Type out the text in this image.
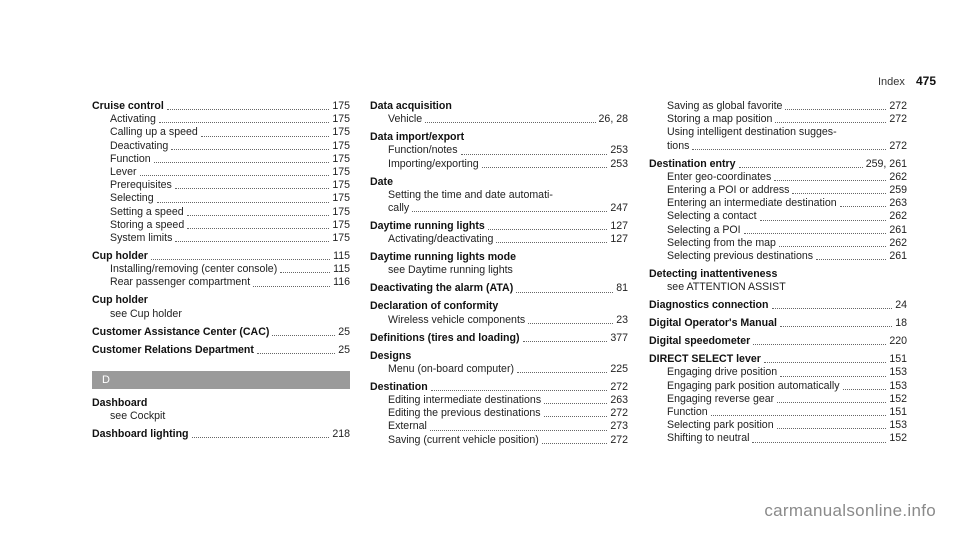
Index 475
Cruise control	175
Activating	175
Calling up a speed	175
Deactivating	175
Function	175
Lever	175
Prerequisites	175
Selecting	175
Setting a speed	175
Storing a speed	175
System limits	175
Cup holder	115
Installing/removing (center console)	115
Rear passenger compartment	116
Cup holder
see Cup holder
Customer Assistance Center (CAC)	25
Customer Relations Department	25
D
Dashboard
see Cockpit
Dashboard lighting	218
Data acquisition
Vehicle	26, 28
Data import/export
Function/notes	253
Importing/exporting	253
Date
Setting the time and date automati-
cally	247
Daytime running lights	127
Activating/deactivating	127
Daytime running lights mode
see Daytime running lights
Deactivating the alarm (ATA)	81
Declaration of conformity
Wireless vehicle components	23
Definitions (tires and loading)	377
Designs
Menu (on-board computer)	225
Destination	272
Editing intermediate destinations	263
Editing the previous destinations	272
External	273
Saving (current vehicle position)	272
Saving as global favorite	272
Storing a map position	272
Using intelligent destination sugges-
tions	272
Destination entry	259, 261
Enter geo-coordinates	262
Entering a POI or address	259
Entering an intermediate destination	263
Selecting a contact	262
Selecting a POI	261
Selecting from the map	262
Selecting previous destinations	261
Detecting inattentiveness
see ATTENTION ASSIST
Diagnostics connection	24
Digital Operator's Manual	18
Digital speedometer	220
DIRECT SELECT lever	151
Engaging drive position	153
Engaging park position automatically	153
Engaging reverse gear	152
Function	151
Selecting park position	153
Shifting to neutral	152
carmanualsonline.info
